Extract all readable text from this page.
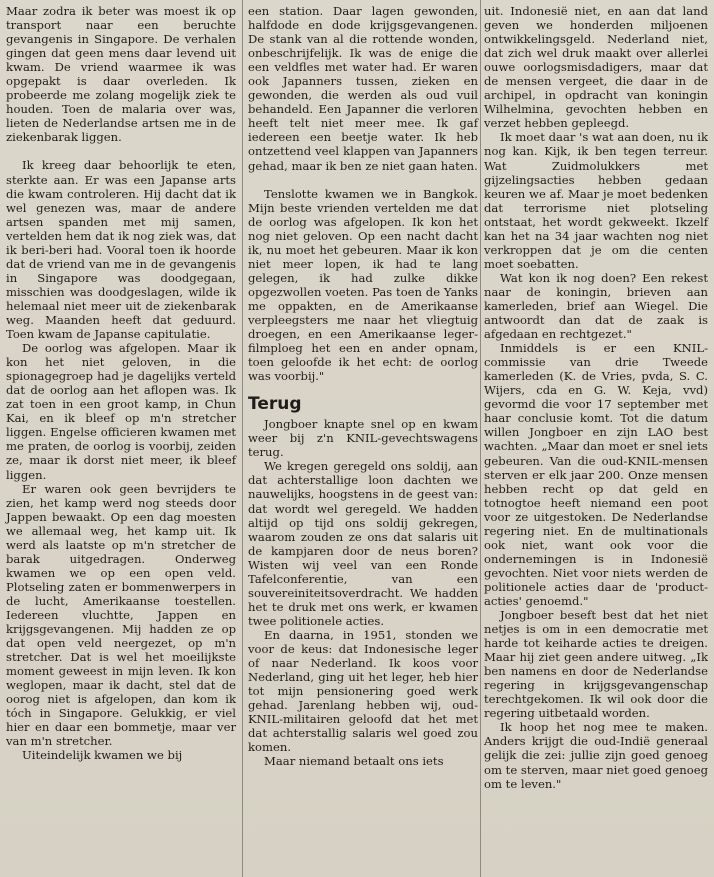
Maar zodra ik beter was moest ik op transport naar een beruchte gevangenis in Singapore. De verhalen gingen dat geen mens daar levend uit kwam. De vriend waarmee ik was opgepakt is daar overleden. Ik probeerde me zolang mogelijk ziek te houden. Toen de malaria over was, lieten de Nederlandse artsen me in de ziekenbarak liggen.

Ik kreeg daar behoorlijk te eten, sterkte aan. Er was een Japanse arts die kwam controleren. Hij dacht dat ik wel genezen was, maar de andere artsen spanden met mij samen, vertelden hem dat ik nog ziek was, dat ik beri-beri had. Vooral toen ik hoorde dat de vriend van me in de gevangenis in Singapore was doodgegaan, misschien was doodgeslagen, wilde ik helemaal niet meer uit de ziekenbarak weg. Maanden heeft dat geduurd. Toen kwam de Japanse capitulatie.

De oorlog was afgelopen. Maar ik kon het niet geloven, in die spionagegroep had je dagelijks verteld dat de oorlog aan het aflopen was. Ik zat toen in een groot kamp, in Chun Kai, en ik bleef op m'n stretcher liggen. Engelse officieren kwamen met me praten, de oorlog is voorbij, zeiden ze, maar ik dorst niet meer, ik bleef liggen.

Er waren ook geen bevrijders te zien, het kamp werd nog steeds door Jappen bewaakt. Op een dag moesten we allemaal weg, het kamp uit. Ik werd als laatste op m'n stretcher de barak uitgedragen. Onderweg kwamen we op een open veld. Plotseling zaten er bommenwerpers in de lucht, Amerikaanse toestellen. Iedereen vluchtte, Jappen en krijgsgevangenen. Mij hadden ze op dat open veld neergezet, op m'n stretcher. Dat is wel het moeilijkste moment geweest in mijn leven. Ik kon weglopen, maar ik dacht, stel dat de oorog niet is afgelopen, dan kom ik tóch in Singapore. Gelukkig, er viel hier en daar een bommetje, maar ver van m'n stretcher.

Uiteindelijk kwamen we bij

een station. Daar lagen gewonden, halfdode en dode krijgsgevangenen. De stank van al die rottende wonden, onbeschrijfelijk. Ik was de enige die een veldfles met water had. Er waren ook Japanners tussen, zieken en gewonden, die werden als oud vuil behandeld. Een Japanner die verloren heeft telt niet meer mee. Ik gaf iedereen een beetje water. Ik heb ontzettend veel klappen van Japanners gehad, maar ik ben ze niet gaan haten.

Tenslotte kwamen we in Bangkok. Mijn beste vrienden vertelden me dat de oorlog was afgelopen. Ik kon het nog niet geloven. Op een nacht dacht ik, nu moet het gebeuren. Maar ik kon niet meer lopen, ik had te lang gelegen, ik had zulke dikke opgezwollen voeten. Pas toen de Yanks me oppakten, en de Amerikaanse verpleegsters me naar het vliegtuig droegen, en een Amerikaanse leger-filmploeg het een en ander opnam, toen geloofde ik het echt: de oorlog was voorbij."

Terug

Jongboer knapte snel op en kwam weer bij z'n KNIL-gevechtswagens terug.

We kregen geregeld ons soldij, aan dat achterstallige loon dachten we nauwelijks, hoogstens in de geest van: dat wordt wel geregeld. We hadden altijd op tijd ons soldij gekregen, waarom zouden ze ons dat salaris uit de kampjaren door de neus boren? Wisten wij veel van een Ronde Tafelconferentie, van een souvereiniteitsoverdracht. We hadden het te druk met ons werk, er kwamen twee politionele acties.

En daarna, in 1951, stonden we voor de keus: dat Indonesische leger of naar Nederland. Ik koos voor Nederland, ging uit het leger, heb hier tot mijn pensionering goed werk gehad. Jarenlang hebben wij, oud-KNIL-militairen geloofd dat het met dat achterstallig salaris wel goed zou komen.

Maar niemand betaalt ons iets

uit. Indonesië niet, en aan dat land geven we honderden miljoenen ontwikkelingsgeld. Nederland niet, dat zich wel druk maakt over allerlei ouwe oorlogsmisdadigers, maar dat de mensen vergeet, die daar in de archipel, in opdracht van koningin Wilhelmina, gevochten hebben en verzet hebben gepleegd.

Ik moet daar 's wat aan doen, nu ik nog kan. Kijk, ik ben tegen terreur. Wat Zuidmolukkers met gijzelingsacties hebben gedaan keuren we af. Maar je moet bedenken dat terrorisme niet plotseling ontstaat, het wordt gekweekt. Ikzelf kan het na 34 jaar wachten nog niet verkroppen dat je om die centen moet soebatten.

Wat kon ik nog doen? Een rekest naar de koningin, brieven aan kamerleden, brief aan Wiegel. Die antwoordt dan dat de zaak is afgedaan en rechtgezet."

Inmiddels is er een KNIL-commissie van drie Tweede kamerleden (K. de Vries, pvda, S. C. Wijers, cda en G. W. Keja, vvd) gevormd die voor 17 september met haar conclusie komt. Tot die datum willen Jongboer en zijn LAO best wachten. „Maar dan moet er snel iets gebeuren. Van die oud-KNIL-mensen sterven er elk jaar 200. Onze mensen hebben recht op dat geld en totnogtoe heeft niemand een poot voor ze uitgestoken. De Nederlandse regering niet. En de multinationals ook niet, want ook voor die ondernemingen is in Indonesië gevochten. Niet voor niets werden de politionele acties daar de 'product-acties' genoemd."

Jongboer beseft best dat het niet netjes is om in een democratie met harde tot keiharde acties te dreigen. Maar hij ziet geen andere uitweg. „Ik ben namens en door de Nederlandse regering in krijgsgevangenschap terechtgekomen. Ik wil ook door die regering uitbetaald worden.

Ik hoop het nog mee te maken. Anders krijgt die oud-Indië generaal gelijk die zei: jullie zijn goed genoeg om te sterven, maar niet goed genoeg om te leven."
